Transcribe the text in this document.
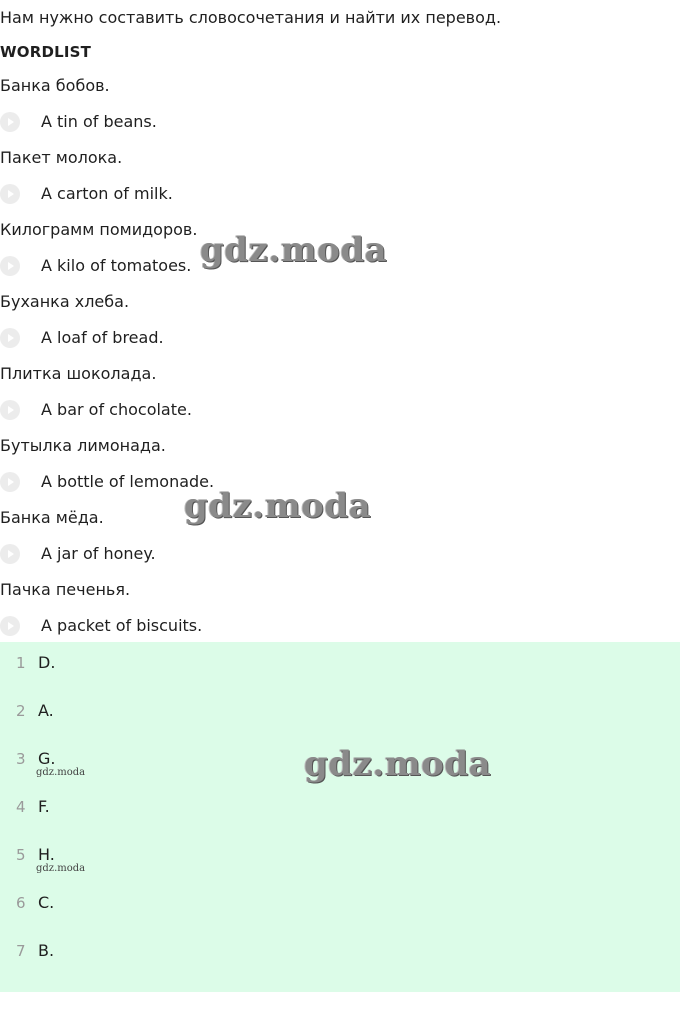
Нам нужно составить словосочетания и найти их перевод.
WORDLIST
Банка бобов.
A tin of beans.
Пакет молока.
A carton of milk.
Килограмм помидоров.
A kilo of tomatoes.
Буханка хлеба.
A loaf of bread.
Плитка шоколада.
A bar of chocolate.
Бутылка лимонада.
A bottle of lemonade.
Банка мёда.
A jar of honey.
Пачка печенья.
A packet of biscuits.
1 D.
2 A.
3 G.
gdz.moda
4 F.
5 H.
gdz.moda
6 C.
7 B.
gdz.moda
gdz.moda
gdz.moda
